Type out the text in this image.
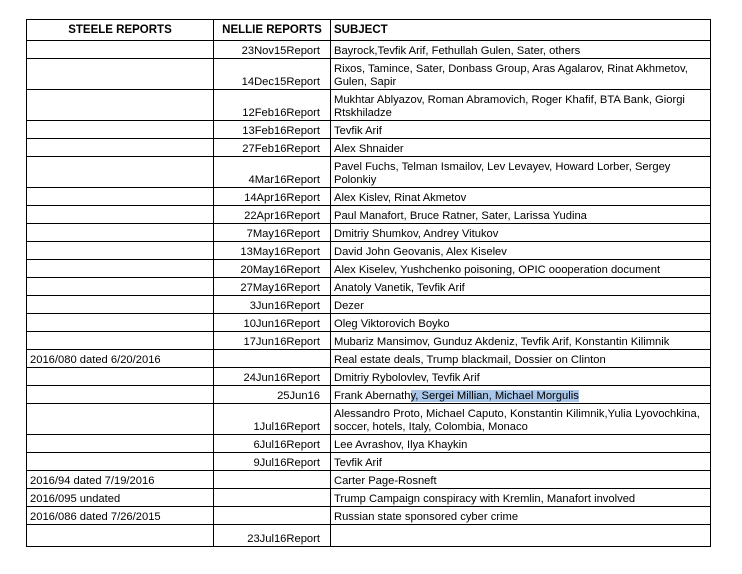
STEELE REPORTS	NELLIE REPORTS	SUBJECT
	23Nov15Report	Bayrock,Tevfik Arif, Fethullah Gulen, Sater, others
	14Dec15Report	Rixos, Tamince, Sater, Donbass Group, Aras Agalarov, Rinat Akhmetov, Gulen, Sapir
	12Feb16Report	Mukhtar Ablyazov, Roman Abramovich, Roger Khafif, BTA Bank, Giorgi Rtskhiladze
	13Feb16Report	Tevfik Arif
	27Feb16Report	Alex Shnaider
	4Mar16Report	Pavel Fuchs, Telman Ismailov, Lev Levayev, Howard Lorber, Sergey Polonkiy
	14Apr16Report	Alex Kislev, Rinat Akmetov
	22Apr16Report	Paul Manafort, Bruce Ratner, Sater, Larissa Yudina
	7May16Report	Dmitriy Shumkov, Andrey Vitukov
	13May16Report	David John Geovanis, Alex Kiselev
	20May16Report	Alex Kiselev, Yushchenko poisoning, OPIC oooperation document
	27May16Report	Anatoly Vanetik, Tevfik Arif
	3Jun16Report	Dezer
	10Jun16Report	Oleg Viktorovich Boyko
	17Jun16Report	Mubariz Mansimov, Gunduz Akdeniz, Tevfik Arif, Konstantin Kilimnik
2016/080 dated 6/20/2016		Real estate deals, Trump blackmail, Dossier on Clinton
	24Jun16Report	Dmitriy Rybolovlev, Tevfik Arif
	25Jun16	Frank Abernathy, Sergei Millian, Michael Morgulis
	1Jul16Report	Alessandro Proto, Michael Caputo, Konstantin Kilimnik,Yulia Lyovochkina, soccer, hotels, Italy, Colombia, Monaco
	6Jul16Report	Lee Avrashov, Ilya Khaykin
	9Jul16Report	Tevfik Arif
2016/94 dated 7/19/2016		Carter Page-Rosneft
2016/095 undated		Trump Campaign conspiracy with Kremlin, Manafort involved
2016/086 dated 7/26/2015		Russian state sponsored cyber crime
	23Jul16Report	
